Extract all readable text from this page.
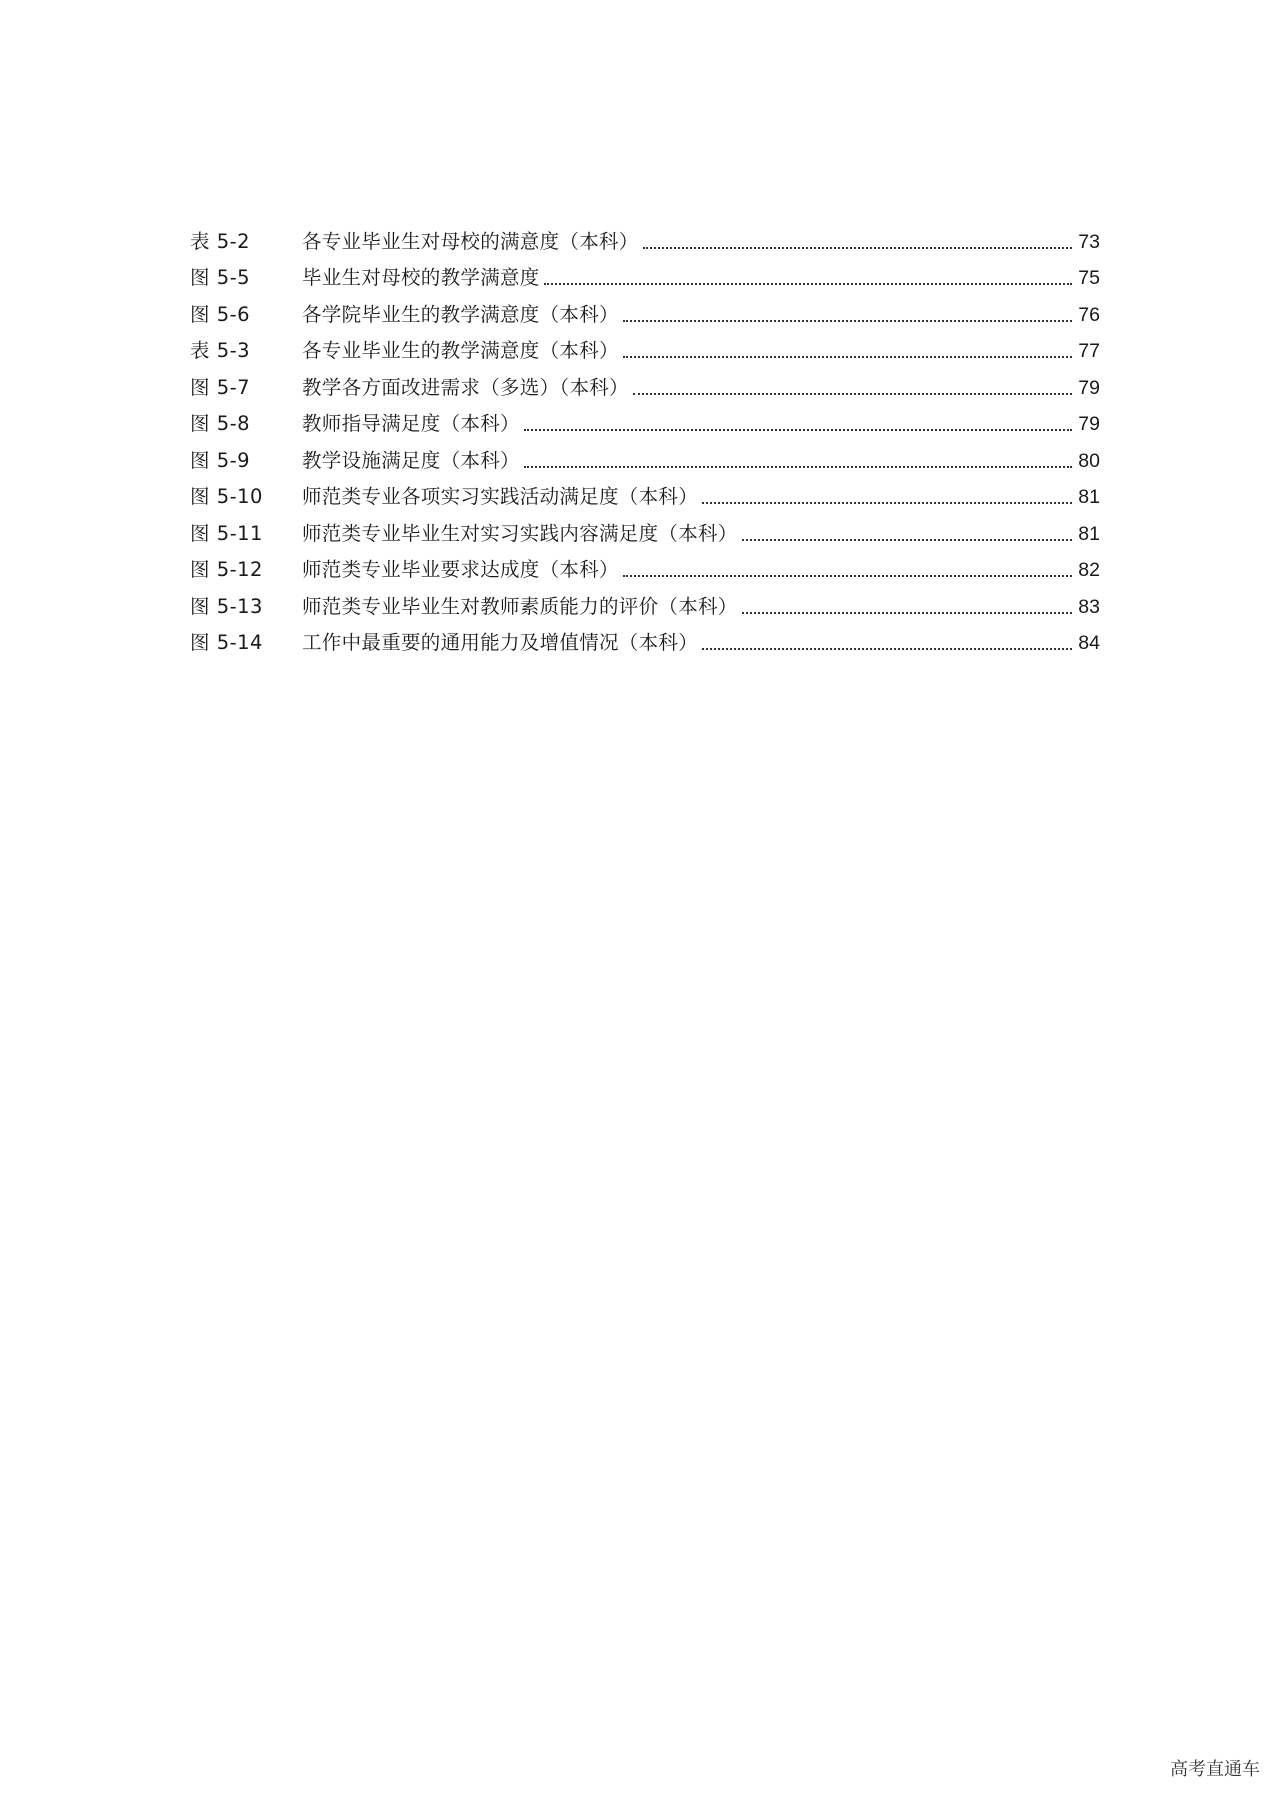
表 5-2	各专业毕业生对母校的满意度（本科）	73
图 5-5	毕业生对母校的教学满意度	75
图 5-6	各学院毕业生的教学满意度（本科）	76
表 5-3	各专业毕业生的教学满意度（本科）	77
图 5-7	教学各方面改进需求（多选）（本科）	79
图 5-8	教师指导满足度（本科）	79
图 5-9	教学设施满足度（本科）	80
图 5-10	师范类专业各项实习实践活动满足度（本科）	81
图 5-11	师范类专业毕业生对实习实践内容满足度（本科）	81
图 5-12	师范类专业毕业要求达成度（本科）	82
图 5-13	师范类专业毕业生对教师素质能力的评价（本科）	83
图 5-14	工作中最重要的通用能力及增值情况（本科）	84
高考直通车
